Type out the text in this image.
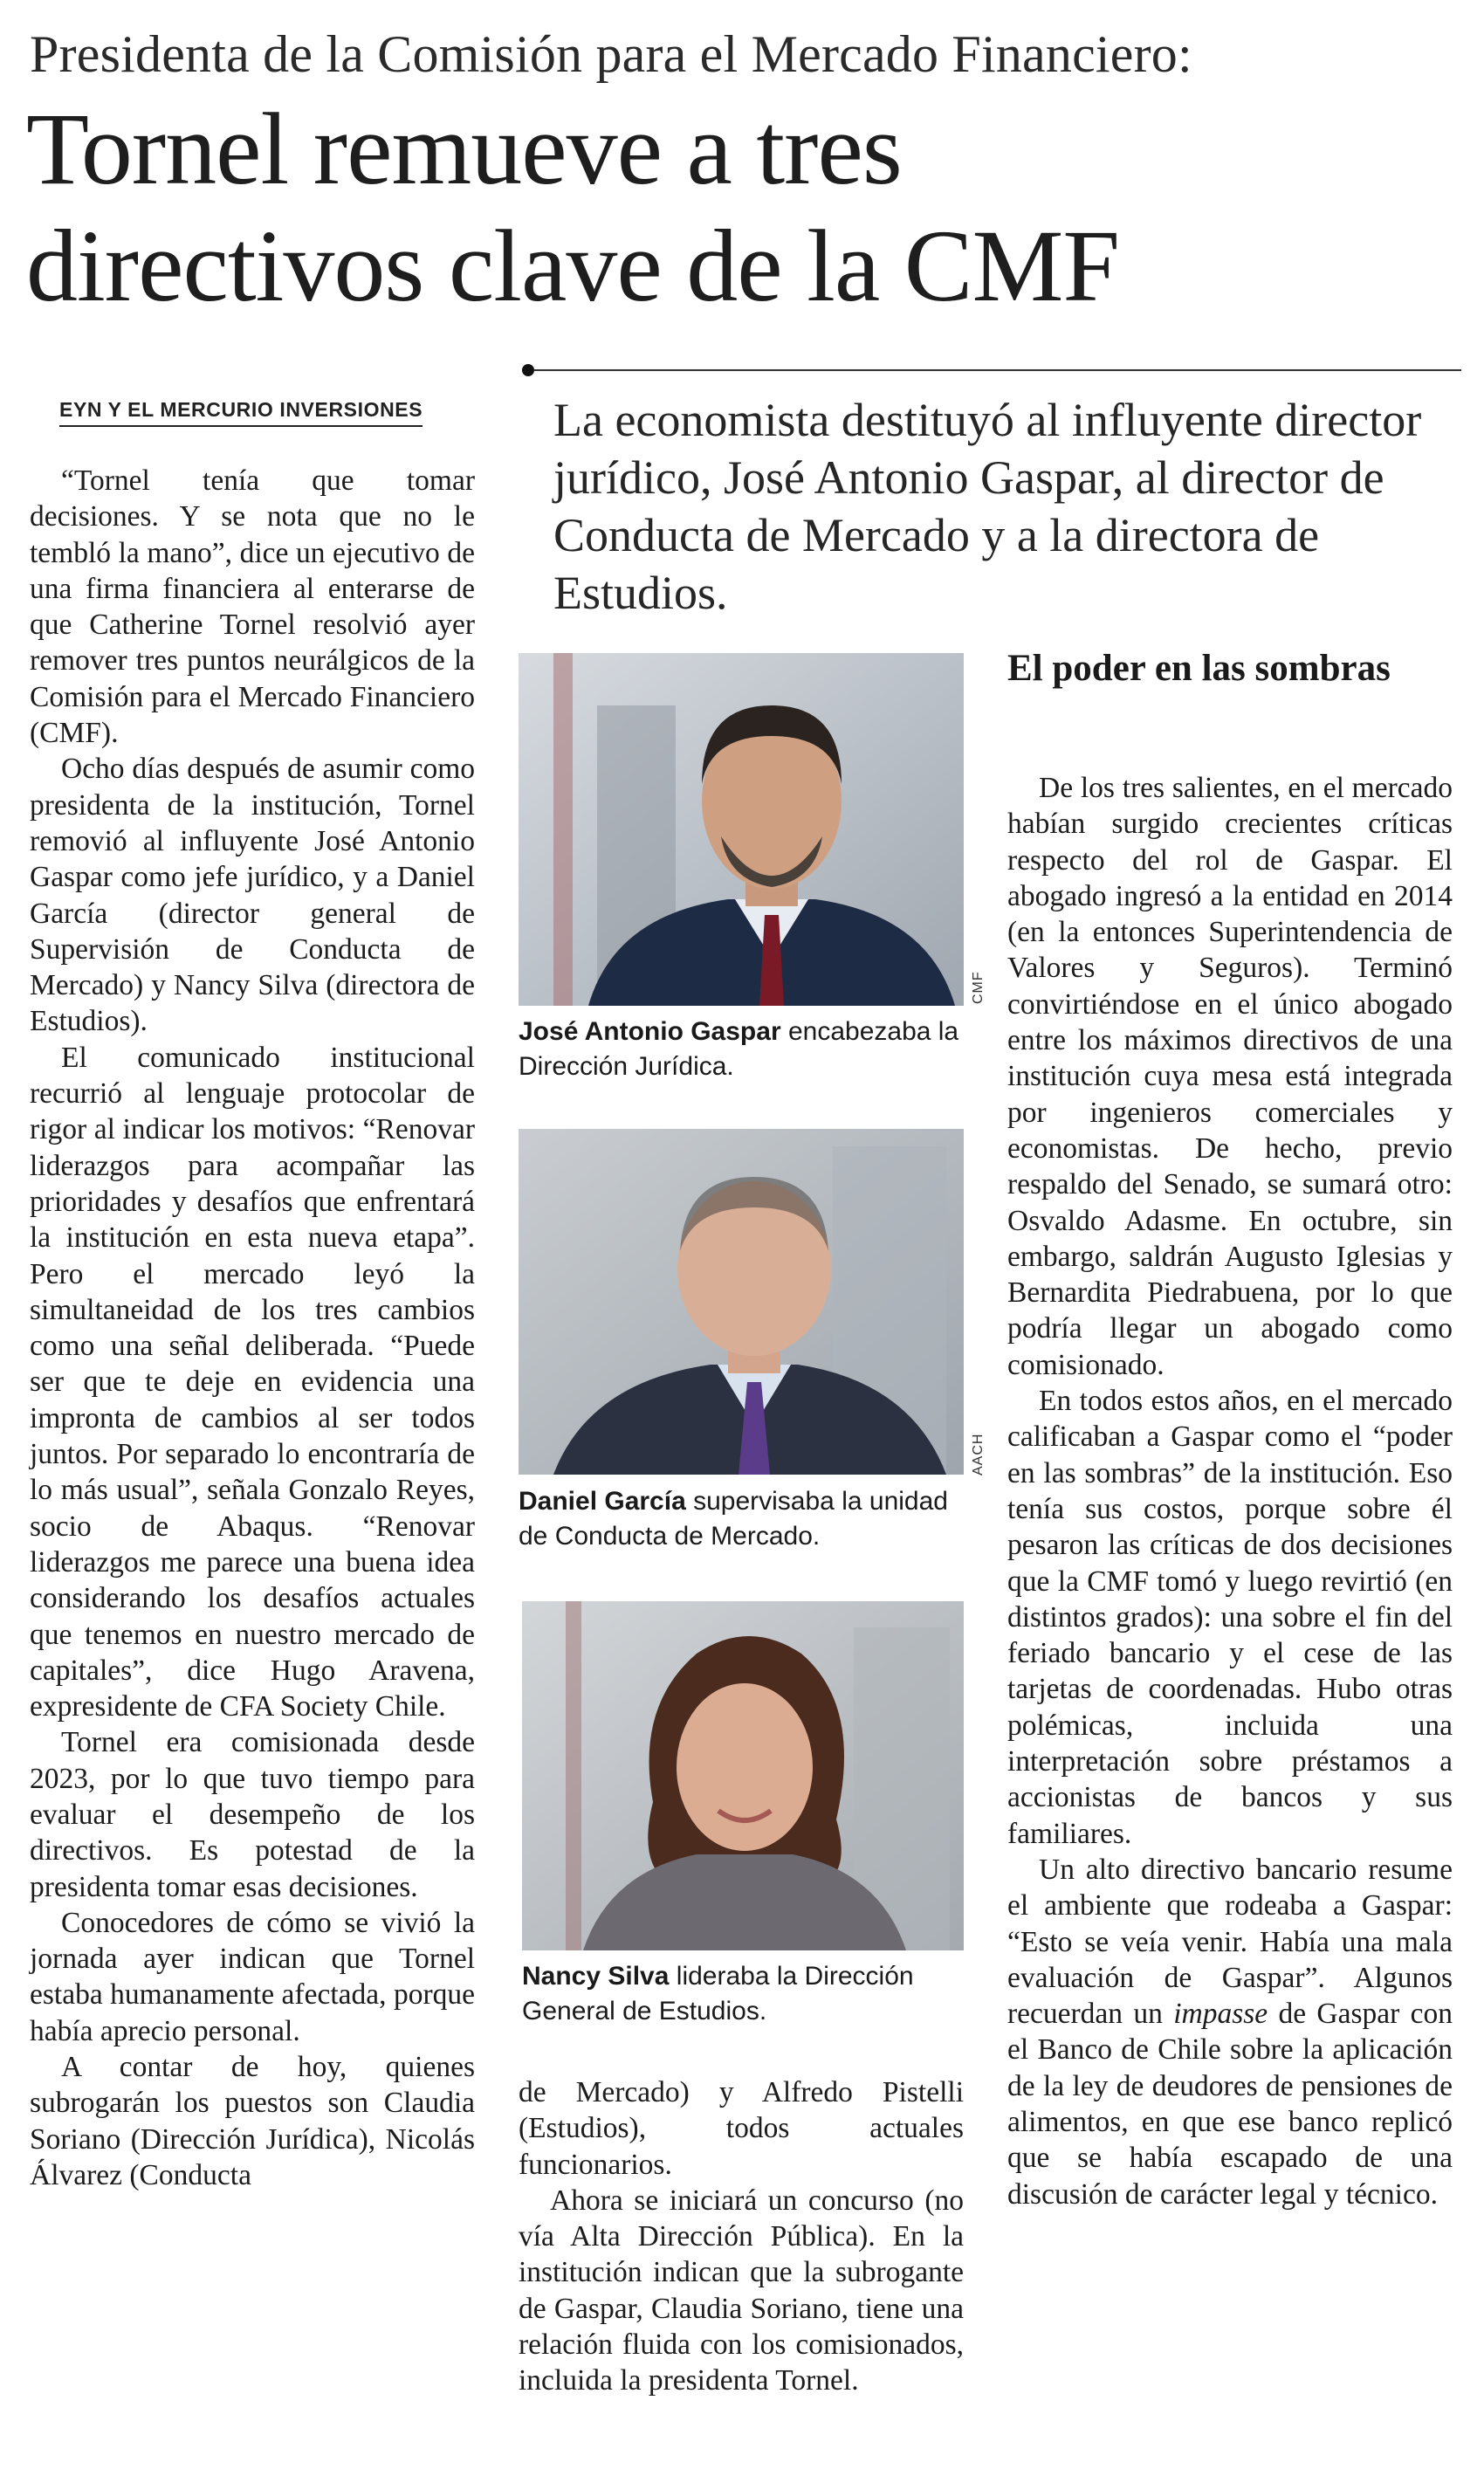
Presidenta de la Comisión para el Mercado Financiero:
Tornel remueve a tres
directivos clave de la CMF
EYN Y EL MERCURIO INVERSIONES	La economista destituyó al influyente director jurídico, José Antonio Gaspar, al director de Conducta de Mercado y a la directora de Estudios.

“Tornel tenía que tomar decisiones. Y se nota que no le tembló la mano”, dice un ejecutivo de una firma financiera al enterarse de que Catherine Tornel resolvió ayer remover tres puntos neurálgicos de la Comisión para el Mercado Financiero (CMF).

Ocho días después de asumir como presidenta de la institución, Tornel removió al influyente José Antonio Gaspar como jefe jurídico, y a Daniel García (director general de Supervisión de Conducta de Mercado) y Nancy Silva (directora de Estudios).

El comunicado institucional recurrió al lenguaje protocolar de rigor al indicar los motivos: “Renovar liderazgos para acompañar las prioridades y desafíos que enfrentará la institución en esta nueva etapa”. Pero el mercado leyó la simultaneidad de los tres cambios como una señal deliberada. “Puede ser que te deje en evidencia una impronta de cambios al ser todos juntos. Por separado lo encontraría de lo más usual”, señala Gonzalo Reyes, socio de Abaqus. “Renovar liderazgos me parece una buena idea considerando los desafíos actuales que tenemos en nuestro mercado de capitales”, dice Hugo Aravena, expresidente de CFA Society Chile.

Tornel era comisionada desde 2023, por lo que tuvo tiempo para evaluar el desempeño de los directivos. Es potestad de la presidenta tomar esas decisiones.

Conocedores de cómo se vivió la jornada ayer indican que Tornel estaba humanamente afectada, porque había aprecio personal.

A contar de hoy, quienes subrogarán los puestos son Claudia Soriano (Dirección Jurídica), Nicolás Álvarez (Conducta

CMF
José Antonio Gaspar encabezaba la Dirección Jurídica.
AACH
Daniel García supervisaba la unidad de Conducta de Mercado.
Nancy Silva lideraba la Dirección General de Estudios.

de Mercado) y Alfredo Pistelli (Estudios), todos actuales funcionarios.

Ahora se iniciará un concurso (no vía Alta Dirección Pública). En la institución indican que la subrogante de Gaspar, Claudia Soriano, tiene una relación fluida con los comisionados, incluida la presidenta Tornel.

El poder en las sombras

De los tres salientes, en el mercado habían surgido crecientes críticas respecto del rol de Gaspar. El abogado ingresó a la entidad en 2014 (en la entonces Superintendencia de Valores y Seguros). Terminó convirtiéndose en el único abogado entre los máximos directivos de una institución cuya mesa está integrada por ingenieros comerciales y economistas. De hecho, previo respaldo del Senado, se sumará otro: Osvaldo Adasme. En octubre, sin embargo, saldrán Augusto Iglesias y Bernardita Piedrabuena, por lo que podría llegar un abogado como comisionado.

En todos estos años, en el mercado calificaban a Gaspar como el “poder en las sombras” de la institución. Eso tenía sus costos, porque sobre él pesaron las críticas de dos decisiones que la CMF tomó y luego revirtió (en distintos grados): una sobre el fin del feriado bancario y el cese de las tarjetas de coordenadas. Hubo otras polémicas, incluida una interpretación sobre préstamos a accionistas de bancos y sus familiares.

Un alto directivo bancario resume el ambiente que rodeaba a Gaspar: “Esto se veía venir. Había una mala evaluación de Gaspar”. Algunos recuerdan un impasse de Gaspar con el Banco de Chile sobre la aplicación de la ley de deudores de pensiones de alimentos, en que ese banco replicó que se había escapado de una discusión de carácter legal y técnico.
